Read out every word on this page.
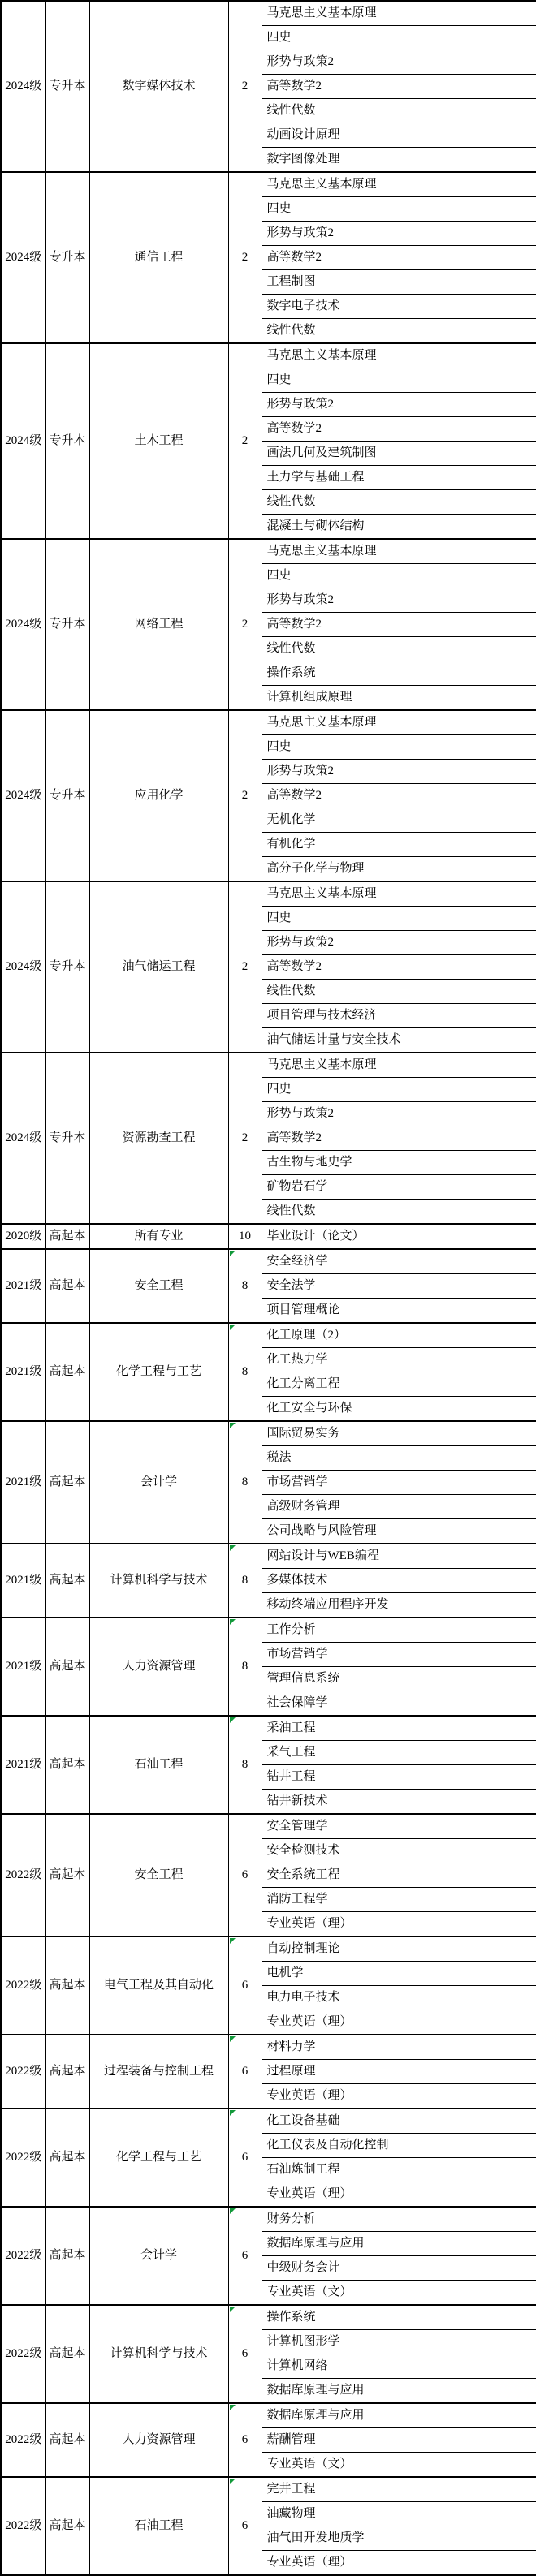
2024级	专升本	数字媒体技术	2	马克思主义基本原理
				四史
				形势与政策2
				高等数学2
				线性代数
				动画设计原理
				数字图像处理
2024级	专升本	通信工程	2	马克思主义基本原理
				四史
				形势与政策2
				高等数学2
				工程制图
				数字电子技术
				线性代数
2024级	专升本	土木工程	2	马克思主义基本原理
				四史
				形势与政策2
				高等数学2
				画法几何及建筑制图
				土力学与基础工程
				线性代数
				混凝土与砌体结构
2024级	专升本	网络工程	2	马克思主义基本原理
				四史
				形势与政策2
				高等数学2
				线性代数
				操作系统
				计算机组成原理
2024级	专升本	应用化学	2	马克思主义基本原理
				四史
				形势与政策2
				高等数学2
				无机化学
				有机化学
				高分子化学与物理
2024级	专升本	油气储运工程	2	马克思主义基本原理
				四史
				形势与政策2
				高等数学2
				线性代数
				项目管理与技术经济
				油气储运计量与安全技术
2024级	专升本	资源勘查工程	2	马克思主义基本原理
				四史
				形势与政策2
				高等数学2
				古生物与地史学
				矿物岩石学
				线性代数
2020级	高起本	所有专业	10	毕业设计（论文）
2021级	高起本	安全工程	8	安全经济学
				安全法学
				项目管理概论
2021级	高起本	化学工程与工艺	8	化工原理（2）
				化工热力学
				化工分离工程
				化工安全与环保
2021级	高起本	会计学	8	国际贸易实务
				税法
				市场营销学
				高级财务管理
				公司战略与风险管理
2021级	高起本	计算机科学与技术	8	网站设计与WEB编程
				多媒体技术
				移动终端应用程序开发
2021级	高起本	人力资源管理	8	工作分析
				市场营销学
				管理信息系统
				社会保障学
2021级	高起本	石油工程	8	采油工程
				采气工程
				钻井工程
				钻井新技术
2022级	高起本	安全工程	6	安全管理学
				安全检测技术
				安全系统工程
				消防工程学
				专业英语（理）
2022级	高起本	电气工程及其自动化	6	自动控制理论
				电机学
				电力电子技术
				专业英语（理）
2022级	高起本	过程装备与控制工程	6	材料力学
				过程原理
				专业英语（理）
2022级	高起本	化学工程与工艺	6	化工设备基础
				化工仪表及自动化控制
				石油炼制工程
				专业英语（理）
2022级	高起本	会计学	6	财务分析
				数据库原理与应用
				中级财务会计
				专业英语（文）
2022级	高起本	计算机科学与技术	6	操作系统
				计算机图形学
				计算机网络
				数据库原理与应用
2022级	高起本	人力资源管理	6	数据库原理与应用
				薪酬管理
				专业英语（文）
2022级	高起本	石油工程	6	完井工程
				油藏物理
				油气田开发地质学
				专业英语（理）
